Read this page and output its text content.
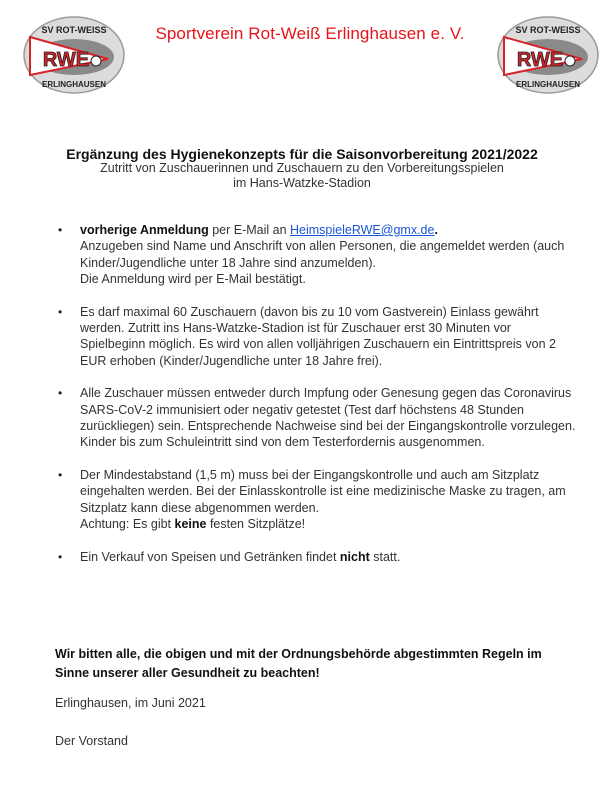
SV ROT-WEISS
RWE
ERLINGHAUSEN
SV ROT-WEISS
RWE
ERLINGHAUSEN
Sportverein Rot-Weiß Erlinghausen e. V.
Ergänzung des Hygienekonzepts für die Saisonvorbereitung 2021/2022
Zutritt von Zuschauerinnen und Zuschauern zu den Vorbereitungsspielen
im Hans-Watzke-Stadion
• vorherige Anmeldung per E-Mail an HeimspieleRWE@gmx.de.
Anzugeben sind Name und Anschrift von allen Personen, die angemeldet werden (auch Kinder/Jugendliche unter 18 Jahre sind anzumelden).
Die Anmeldung wird per E-Mail bestätigt.
• Es darf maximal 60 Zuschauern (davon bis zu 10 vom Gastverein) Einlass gewährt werden. Zutritt ins Hans-Watzke-Stadion ist für Zuschauer erst 30 Minuten vor Spielbeginn möglich. Es wird von allen volljährigen Zuschauern ein Eintrittspreis von 2 EUR erhoben (Kinder/Jugendliche unter 18 Jahre frei).
• Alle Zuschauer müssen entweder durch Impfung oder Genesung gegen das Coronavirus SARS-CoV-2 immunisiert oder negativ getestet (Test darf höchstens 48 Stunden zurückliegen) sein. Entsprechende Nachweise sind bei der Eingangskontrolle vorzulegen. Kinder bis zum Schuleintritt sind von dem Testerfordernis ausgenommen.
• Der Mindestabstand (1,5 m) muss bei der Eingangskontrolle und auch am Sitzplatz eingehalten werden. Bei der Einlasskontrolle ist eine medizinische Maske zu tragen, am Sitzplatz kann diese abgenommen werden.
Achtung: Es gibt keine festen Sitzplätze!
• Ein Verkauf von Speisen und Getränken findet nicht statt.
Wir bitten alle, die obigen und mit der Ordnungsbehörde abgestimmten Regeln im Sinne unserer aller Gesundheit zu beachten!
Erlinghausen, im Juni 2021
Der Vorstand
